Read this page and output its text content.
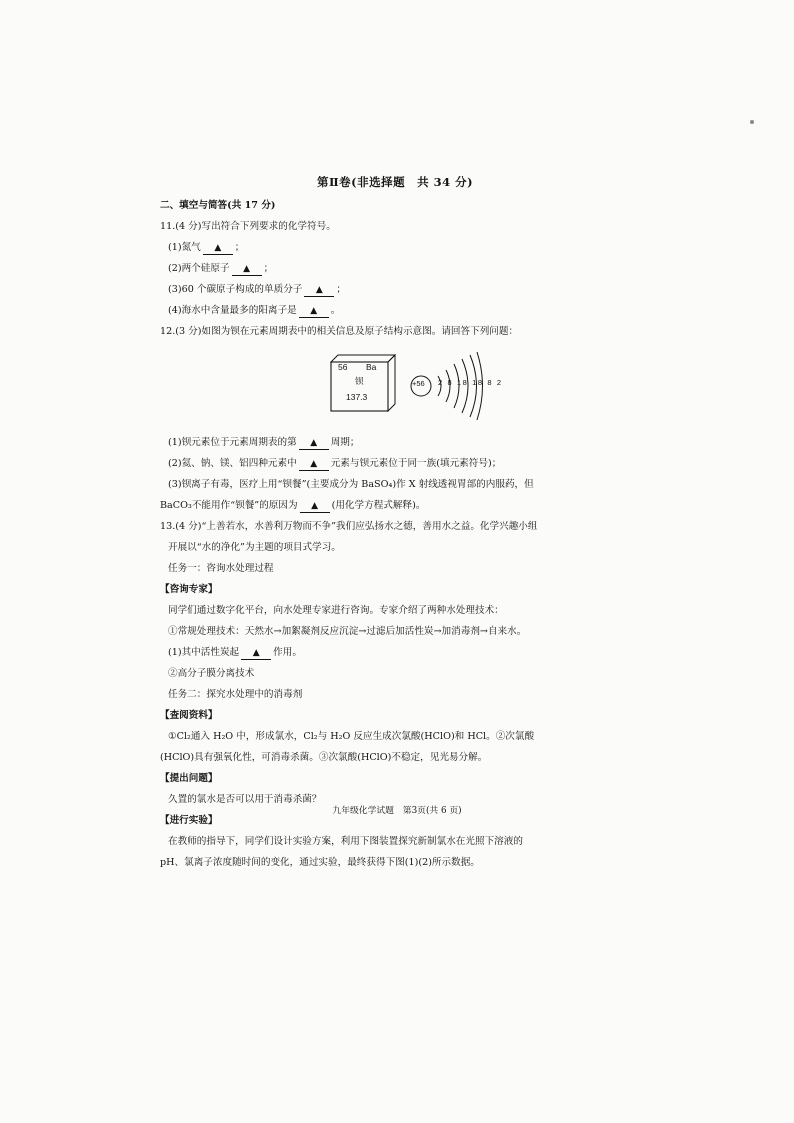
第Ⅱ卷(非选择题　共 34 分)
二、填空与简答(共 17 分)
11.(4 分)写出符合下列要求的化学符号。
(1)氮气 ▲ ；
(2)两个硅原子 ▲ ；
(3)60 个碳原子构成的单质分子 ▲ ；
(4)海水中含量最多的阳离子是 ▲ 。
12.(3 分)如图为钡在元素周期表中的相关信息及原子结构示意图。请回答下列问题：
56 Ba
钡
137.3
+56 2 8 18 18 8 2
(1)钡元素位于元素周期表的第 ▲ 周期；
(2)氦、钠、镁、铝四种元素中 ▲ 元素与钡元素位于同一族(填元素符号)；
(3)钡离子有毒，医疗上用“钡餐”(主要成分为 BaSO₄)作 X 射线透视胃部的内服药，但
BaCO₃不能用作“钡餐”的原因为 ▲ (用化学方程式解释)。
13.(4 分)“上善若水，水善利万物而不争”我们应弘扬水之德，善用水之益。化学兴趣小组
开展以“水的净化”为主题的项目式学习。
任务一：咨询水处理过程
【咨询专家】
同学们通过数字化平台，向水处理专家进行咨询。专家介绍了两种水处理技术：
①常规处理技术：天然水→加絮凝剂反应沉淀→过滤后加活性炭→加消毒剂→自来水。
(1)其中活性炭起 ▲ 作用。
②高分子膜分离技术
任务二：探究水处理中的消毒剂
【查阅资料】
①Cl₂通入 H₂O 中，形成氯水，Cl₂与 H₂O 反应生成次氯酸(HClO)和 HCl。②次氯酸
(HClO)具有强氧化性，可消毒杀菌。③次氯酸(HClO)不稳定，见光易分解。
【提出问题】
久置的氯水是否可以用于消毒杀菌？
【进行实验】
在教师的指导下，同学们设计实验方案，利用下图装置探究新制氯水在光照下溶液的
pH、氯离子浓度随时间的变化，通过实验，最终获得下图(1)(2)所示数据。
九年级化学试题　第3页(共 6 页)
